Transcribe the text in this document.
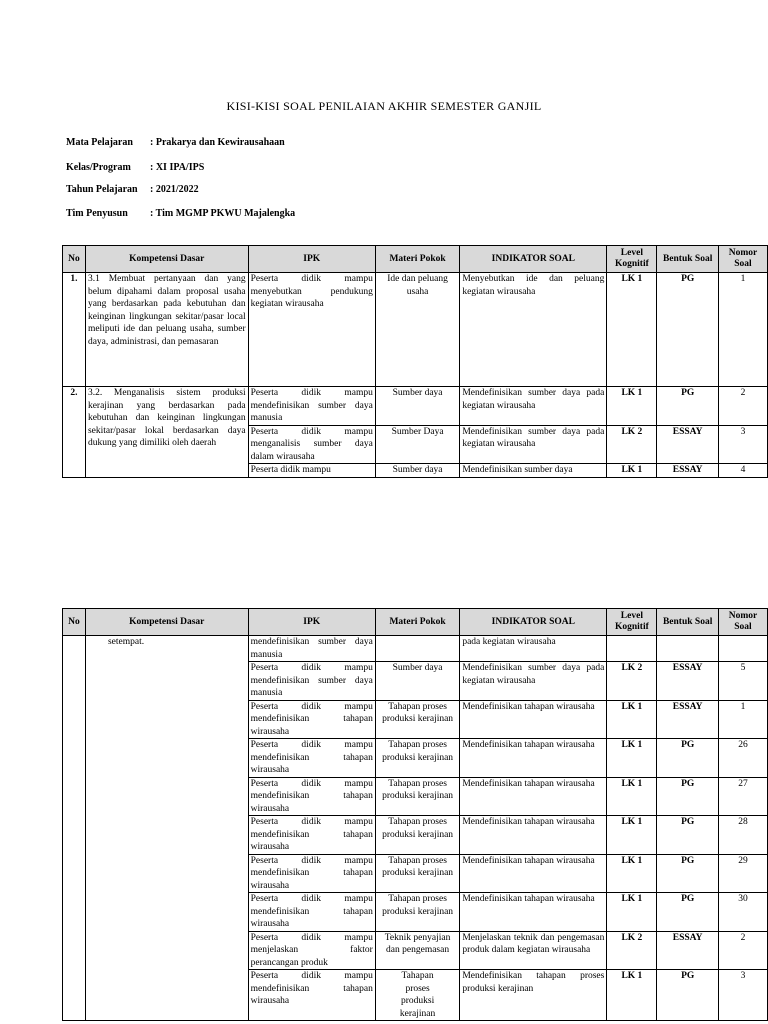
KISI-KISI SOAL PENILAIAN AKHIR SEMESTER GANJIL
Mata Pelajaran : Prakarya dan Kewirausahaan
Kelas/Program : XI IPA/IPS
Tahun Pelajaran : 2021/2022
Tim Penyusun : Tim MGMP PKWU Majalengka
No	Kompetensi Dasar	IPK	Materi Pokok	INDIKATOR SOAL	Level Kognitif	Bentuk Soal	Nomor Soal
1.	3.1 Membuat pertanyaan dan yang belum dipahami dalam proposal usaha yang berdasarkan pada kebutuhan dan keinginan lingkungan sekitar/pasar local meliputi ide dan peluang usaha, sumber daya, administrasi, dan pemasaran	Peserta didik mampu menyebutkan pendukung kegiatan wirausaha	Ide dan peluang usaha	Menyebutkan ide dan peluang kegiatan wirausaha	LK 1	PG	1
2.	3.2. Menganalisis sistem produksi kerajinan yang berdasarkan pada kebutuhan dan keinginan lingkungan sekitar/pasar lokal berdasarkan daya dukung yang dimiliki oleh daerah	Peserta didik mampu mendefinisikan sumber daya manusia	Sumber daya	Mendefinisikan sumber daya pada kegiatan wirausaha	LK 1	PG	2
		Peserta didik mampu menganalisis sumber daya dalam wirausaha	Sumber Daya	Mendefinisikan sumber daya pada kegiatan wirausaha	LK 2	ESSAY	3

		Peserta didik mampu	Sumber daya	Mendefinisikan sumber daya	LK 1	ESSAY	4
No	Kompetensi Dasar	IPK	Materi Pokok	INDIKATOR SOAL	Level Kognitif	Bentuk Soal	Nomor Soal
	setempat.	mendefinisikan sumber daya manusia		pada kegiatan wirausaha			
		Peserta didik mampu mendefinisikan sumber daya manusia	Sumber daya	Mendefinisikan sumber daya pada kegiatan wirausaha	LK 2	ESSAY	5
		Peserta didik mampu mendefinisikan tahapan wirausaha	Tahapan proses produksi kerajinan	Mendefinisikan tahapan wirausaha	LK 1	ESSAY	1
		Peserta didik mampu mendefinisikan tahapan wirausaha	Tahapan proses produksi kerajinan	Mendefinisikan tahapan wirausaha	LK 1	PG	26
		Peserta didik mampu mendefinisikan tahapan wirausaha	Tahapan proses produksi kerajinan	Mendefinisikan tahapan wirausaha	LK 1	PG	27
		Peserta didik mampu mendefinisikan tahapan wirausaha	Tahapan proses produksi kerajinan	Mendefinisikan tahapan wirausaha	LK 1	PG	28
		Peserta didik mampu mendefinisikan tahapan wirausaha	Tahapan proses produksi kerajinan	Mendefinisikan tahapan wirausaha	LK 1	PG	29
		Peserta didik mampu mendefinisikan tahapan wirausaha	Tahapan proses produksi kerajinan	Mendefinisikan tahapan wirausaha	LK 1	PG	30
		Peserta didik mampu menjelaskan faktor perancangan produk	Teknik penyajian dan pengemasan	Menjelaskan teknik dan pengemasan produk dalam kegiatan wirausaha	LK 2	ESSAY	2
		Peserta didik mampu mendefinisikan tahapan wirausaha	Tahapan proses produksi kerajinan	Mendefinisikan tahapan proses produksi kerajinan	LK 1	PG	3
